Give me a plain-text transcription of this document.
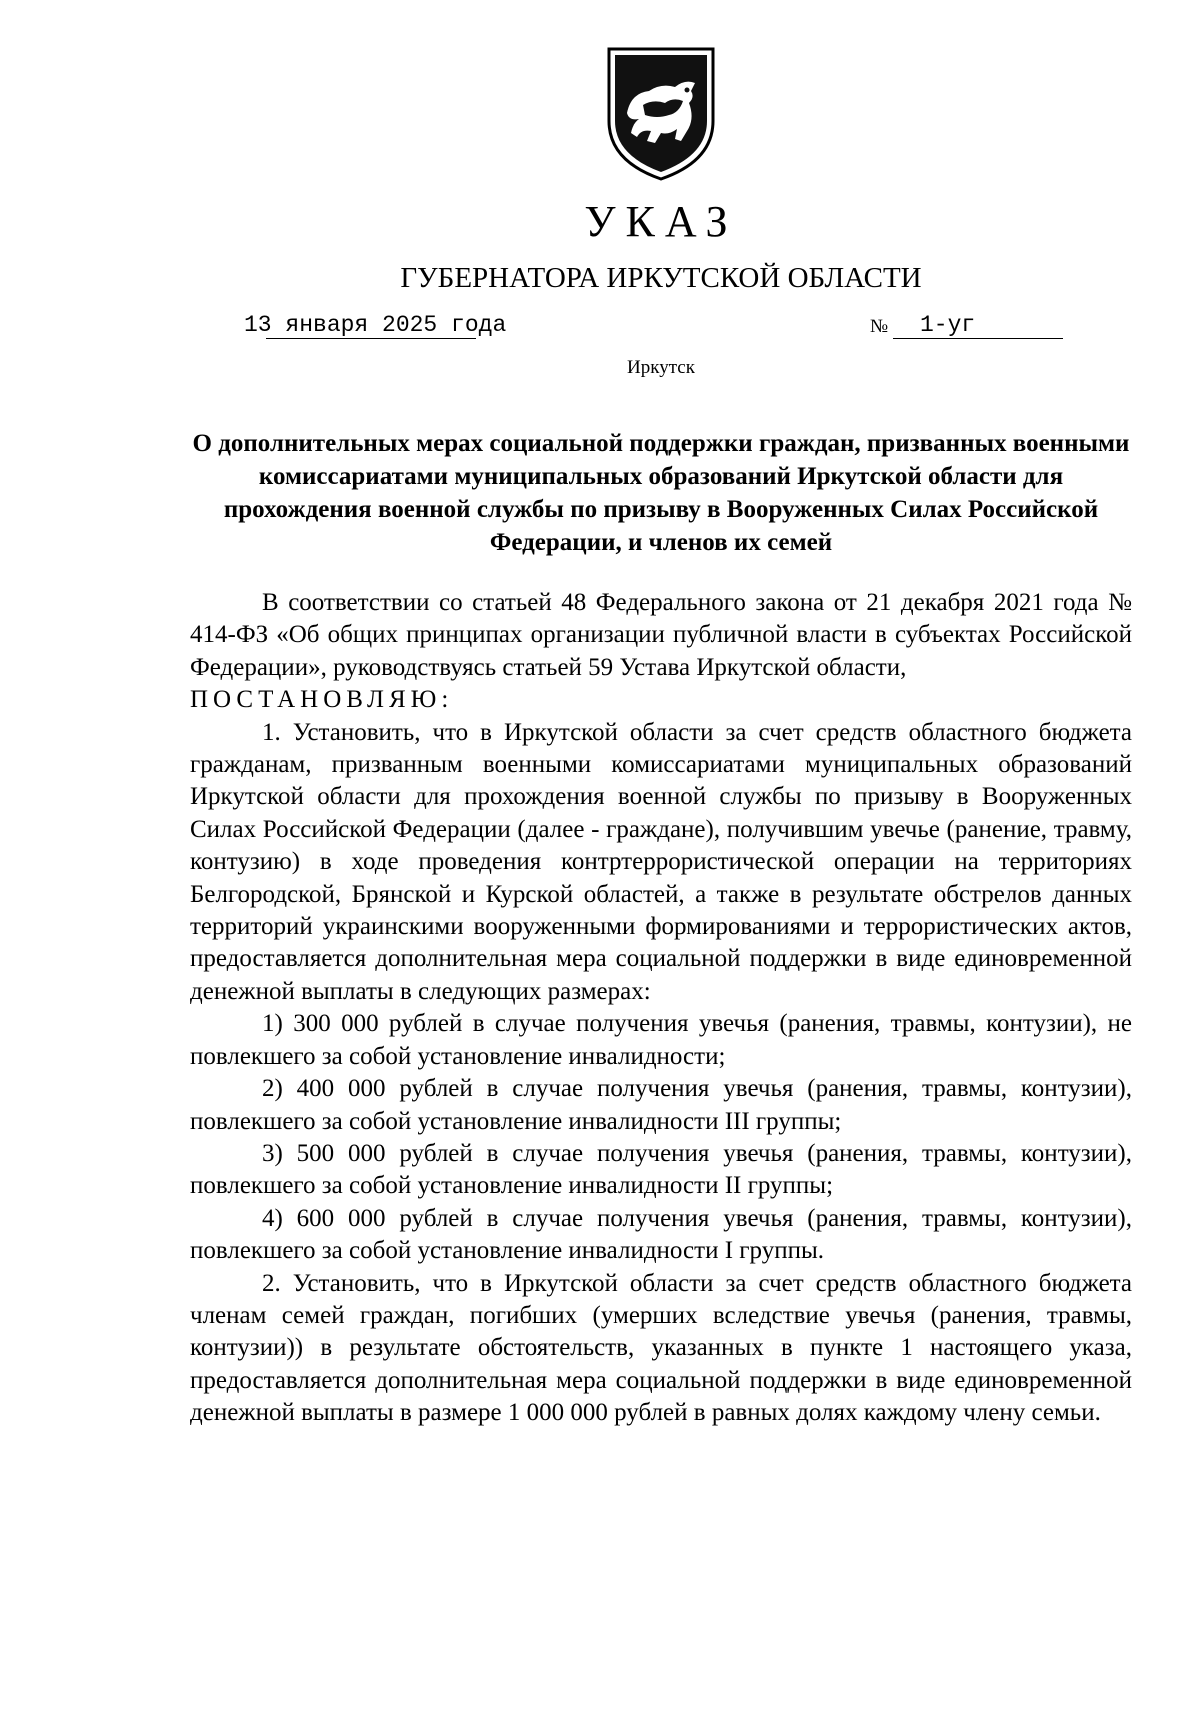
УКАЗ
ГУБЕРНАТОРА ИРКУТСКОЙ ОБЛАСТИ
13 января 2025 года	№ 1-уг
Иркутск
О дополнительных мерах социальной поддержки граждан, призванных военными комиссариатами муниципальных образований Иркутской области для прохождения военной службы по призыву в Вооруженных Силах Российской Федерации, и членов их семей

В соответствии со статьей 48 Федерального закона от 21 декабря 2021 года № 414-ФЗ «Об общих принципах организации публичной власти в субъектах Российской Федерации», руководствуясь статьей 59 Устава Иркутской области,

ПОСТАНОВЛЯЮ:

1. Установить, что в Иркутской области за счет средств областного бюджета гражданам, призванным военными комиссариатами муниципальных образований Иркутской области для прохождения военной службы по призыву в Вооруженных Силах Российской Федерации (далее - граждане), получившим увечье (ранение, травму, контузию) в ходе проведения контртеррористической операции на территориях Белгородской, Брянской и Курской областей, а также в результате обстрелов данных территорий украинскими вооруженными формированиями и террористических актов, предоставляется дополнительная мера социальной поддержки в виде единовременной денежной выплаты в следующих размерах:

1) 300 000 рублей в случае получения увечья (ранения, травмы, контузии), не повлекшего за собой установление инвалидности;

2) 400 000 рублей в случае получения увечья (ранения, травмы, контузии), повлекшего за собой установление инвалидности III группы;

3) 500 000 рублей в случае получения увечья (ранения, травмы, контузии), повлекшего за собой установление инвалидности II группы;

4) 600 000 рублей в случае получения увечья (ранения, травмы, контузии), повлекшего за собой установление инвалидности I группы.

2. Установить, что в Иркутской области за счет средств областного бюджета членам семей граждан, погибших (умерших вследствие увечья (ранения, травмы, контузии)) в результате обстоятельств, указанных в пункте 1 настоящего указа, предоставляется дополнительная мера социальной поддержки в виде единовременной денежной выплаты в размере 1 000 000 рублей в равных долях каждому члену семьи.
